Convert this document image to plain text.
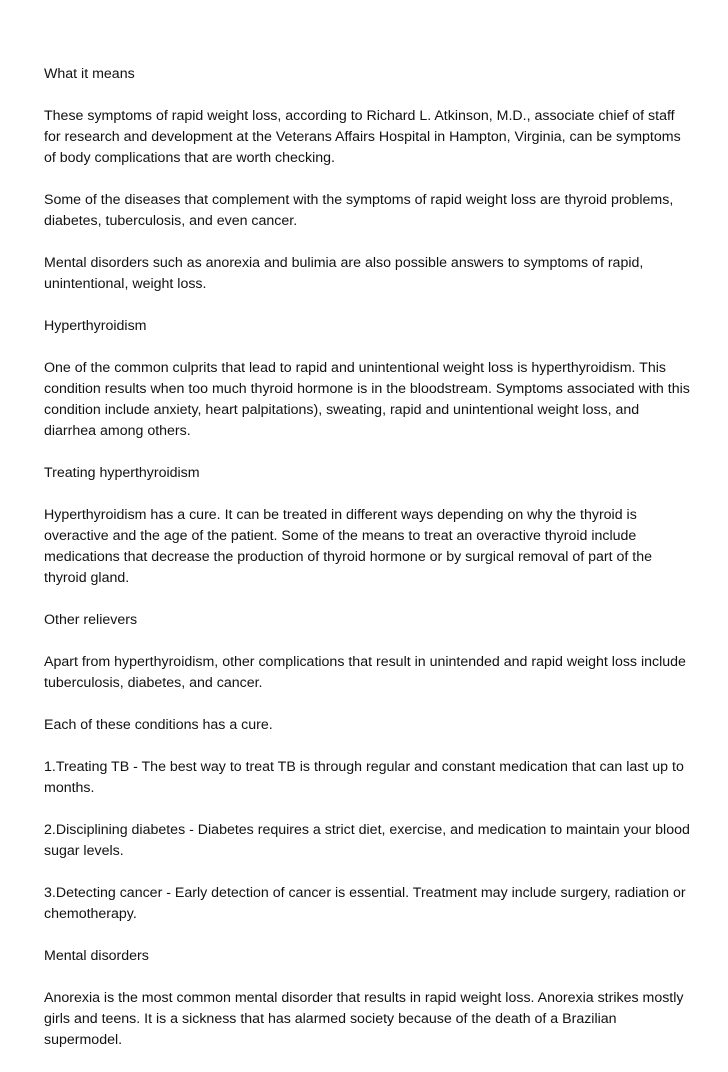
What it means

These symptoms of rapid weight loss, according to Richard L. Atkinson, M.D., associate chief of staff for research and development at the Veterans Affairs Hospital in Hampton, Virginia, can be symptoms of body complications that are worth checking.

Some of the diseases that complement with the symptoms of rapid weight loss are thyroid problems, diabetes, tuberculosis, and even cancer.

Mental disorders such as anorexia and bulimia are also possible answers to symptoms of rapid, unintentional, weight loss.

Hyperthyroidism

One of the common culprits that lead to rapid and unintentional weight loss is hyperthyroidism. This condition results when too much thyroid hormone is in the bloodstream. Symptoms associated with this condition include anxiety, heart palpitations), sweating, rapid and unintentional weight loss, and diarrhea among others.

Treating hyperthyroidism

Hyperthyroidism has a cure. It can be treated in different ways depending on why the thyroid is overactive and the age of the patient. Some of the means to treat an overactive thyroid include medications that decrease the production of thyroid hormone or by surgical removal of part of the thyroid gland.

Other relievers

Apart from hyperthyroidism, other complications that result in unintended and rapid weight loss include tuberculosis, diabetes, and cancer.

Each of these conditions has a cure.

1.Treating TB - The best way to treat TB is through regular and constant medication that can last up to months.

2.Disciplining diabetes - Diabetes requires a strict diet, exercise, and medication to maintain your blood sugar levels.

3.Detecting cancer - Early detection of cancer is essential. Treatment may include surgery, radiation or chemotherapy.

Mental disorders

Anorexia is the most common mental disorder that results in rapid weight loss. Anorexia strikes mostly girls and teens. It is a sickness that has alarmed society because of the death of a Brazilian supermodel.
